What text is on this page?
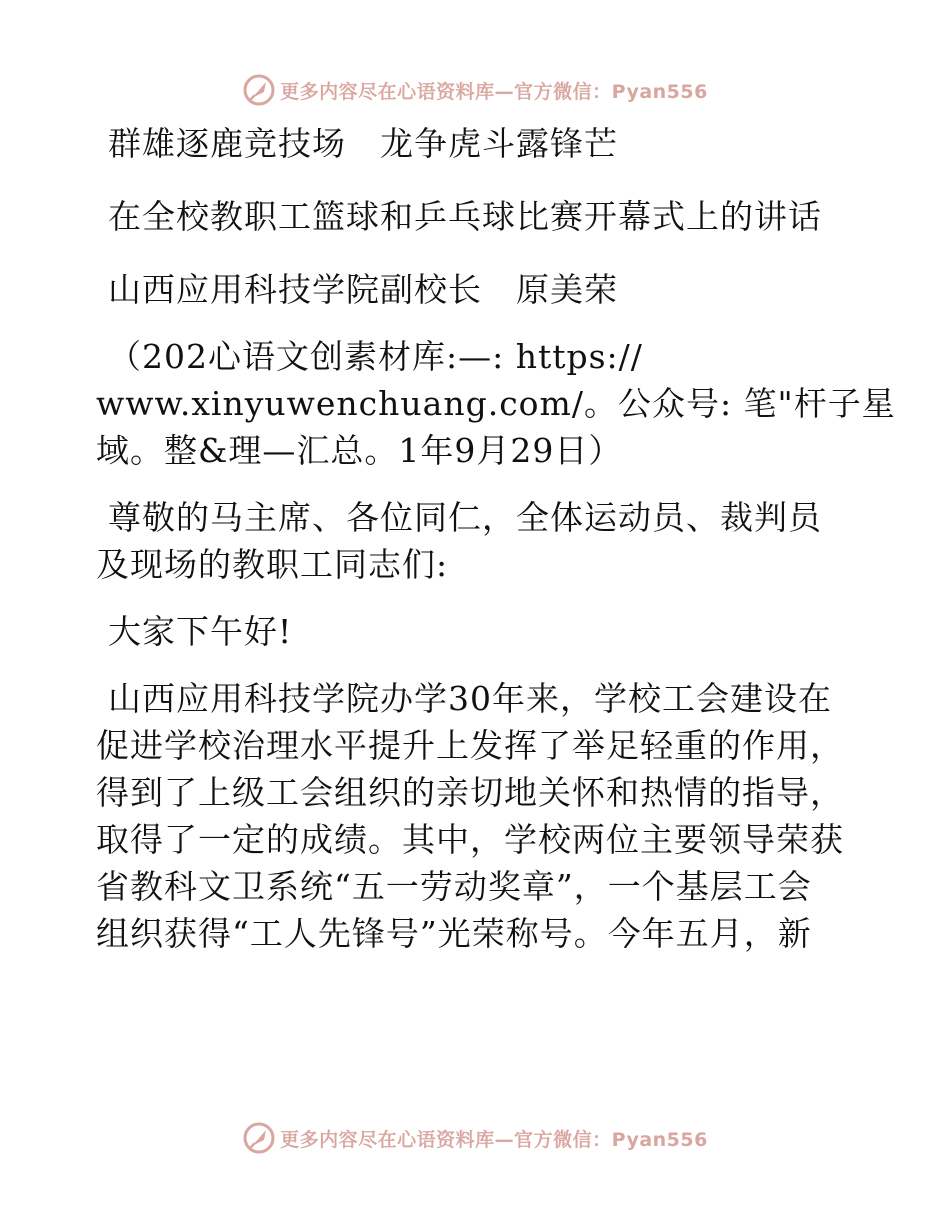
更多内容尽在心语资料库—官方微信：Pyan556

群雄逐鹿竞技场　龙争虎斗露锋芒

在全校教职工篮球和乒乓球比赛开幕式上的讲话

山西应用科技学院副校长　原美荣

（202心语文创素材库:—: https://

www.xinyuwenchuang.com/。公众号: 笔"杆子星

域。整&理—汇总。1年9月29日）

尊敬的马主席、各位同仁，全体运动员、裁判员

及现场的教职工同志们:

大家下午好!

山西应用科技学院办学30年来，学校工会建设在

促进学校治理水平提升上发挥了举足轻重的作用，

得到了上级工会组织的亲切地关怀和热情的指导，

取得了一定的成绩。其中，学校两位主要领导荣获

省教科文卫系统“五一劳动奖章”，一个基层工会

组织获得“工人先锋号”光荣称号。今年五月，新

更多内容尽在心语资料库—官方微信：Pyan556
